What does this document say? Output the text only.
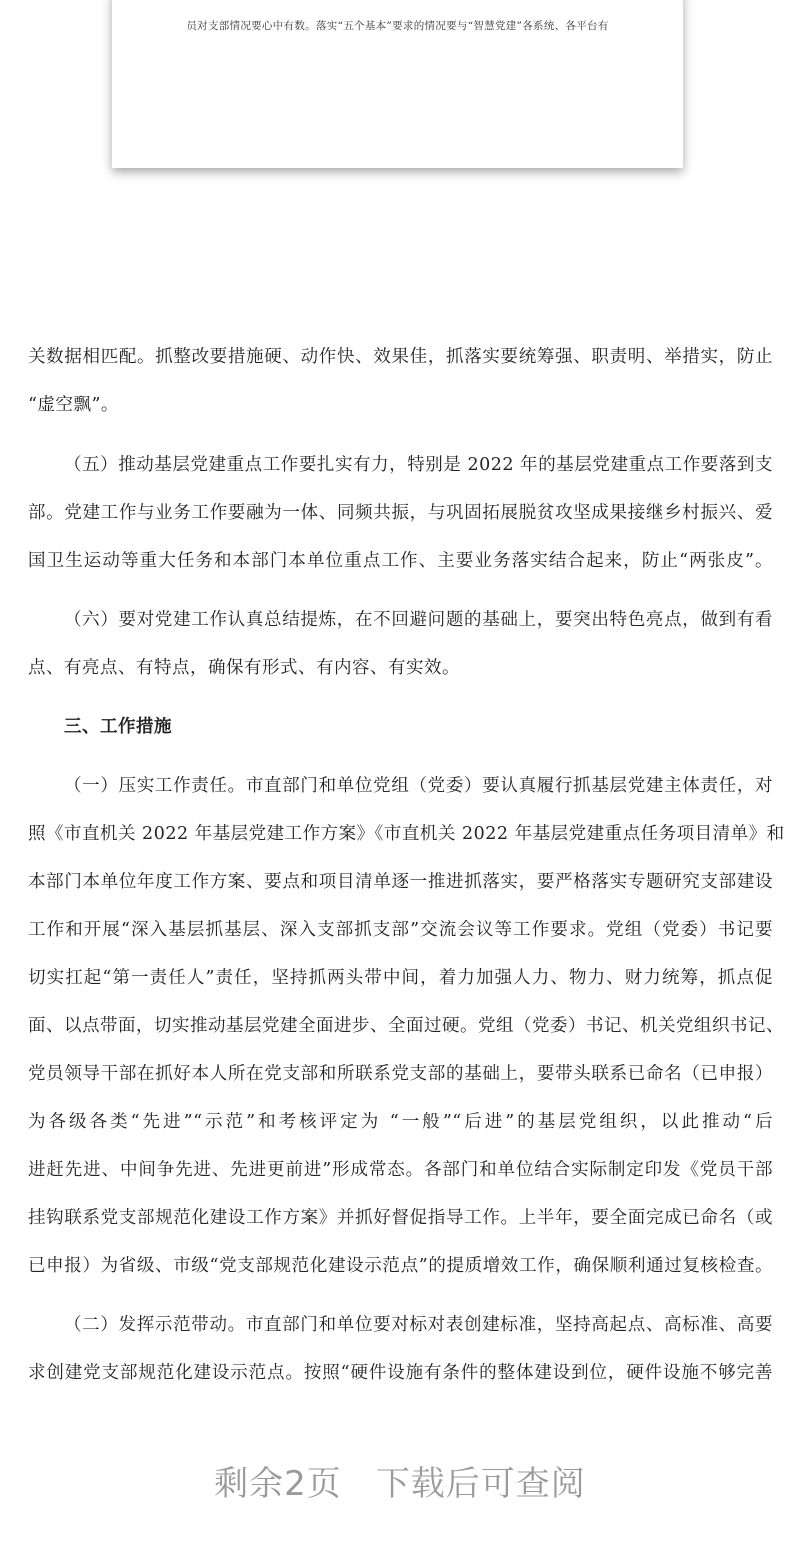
员对支部情况要心中有数。落实“五个基本”要求的情况要与“智慧党建”各系统、各平台有
关数据相匹配。抓整改要措施硬、动作快、效果佳，抓落实要统筹强、职责明、举措实，防止
“虚空飘”。
（五）推动基层党建重点工作要扎实有力，特别是 2022 年的基层党建重点工作要落到支
部。党建工作与业务工作要融为一体、同频共振，与巩固拓展脱贫攻坚成果接继乡村振兴、爱
国卫生运动等重大任务和本部门本单位重点工作、主要业务落实结合起来，防止“两张皮”。
（六）要对党建工作认真总结提炼，在不回避问题的基础上，要突出特色亮点，做到有看
点、有亮点、有特点，确保有形式、有内容、有实效。
三、工作措施
（一）压实工作责任。市直部门和单位党组（党委）要认真履行抓基层党建主体责任，对
照《市直机关 2022 年基层党建工作方案》《市直机关 2022 年基层党建重点任务项目清单》和
本部门本单位年度工作方案、要点和项目清单逐一推进抓落实，要严格落实专题研究支部建设
工作和开展“深入基层抓基层、深入支部抓支部”交流会议等工作要求。党组（党委）书记要
切实扛起“第一责任人”责任，坚持抓两头带中间，着力加强人力、物力、财力统筹，抓点促
面、以点带面，切实推动基层党建全面进步、全面过硬。党组（党委）书记、机关党组织书记、
党员领导干部在抓好本人所在党支部和所联系党支部的基础上，要带头联系已命名（已申报）
为各级各类“先进”“示范”和考核评定为 “一般”“后进”的基层党组织，以此推动“后
进赶先进、中间争先进、先进更前进”形成常态。各部门和单位结合实际制定印发《党员干部
挂钩联系党支部规范化建设工作方案》并抓好督促指导工作。上半年，要全面完成已命名（或
已申报）为省级、市级“党支部规范化建设示范点”的提质增效工作，确保顺利通过复核检查。
（二）发挥示范带动。市直部门和单位要对标对表创建标准，坚持高起点、高标准、高要
求创建党支部规范化建设示范点。按照“硬件设施有条件的整体建设到位，硬件设施不够完善
剩余2页 下载后可查阅
